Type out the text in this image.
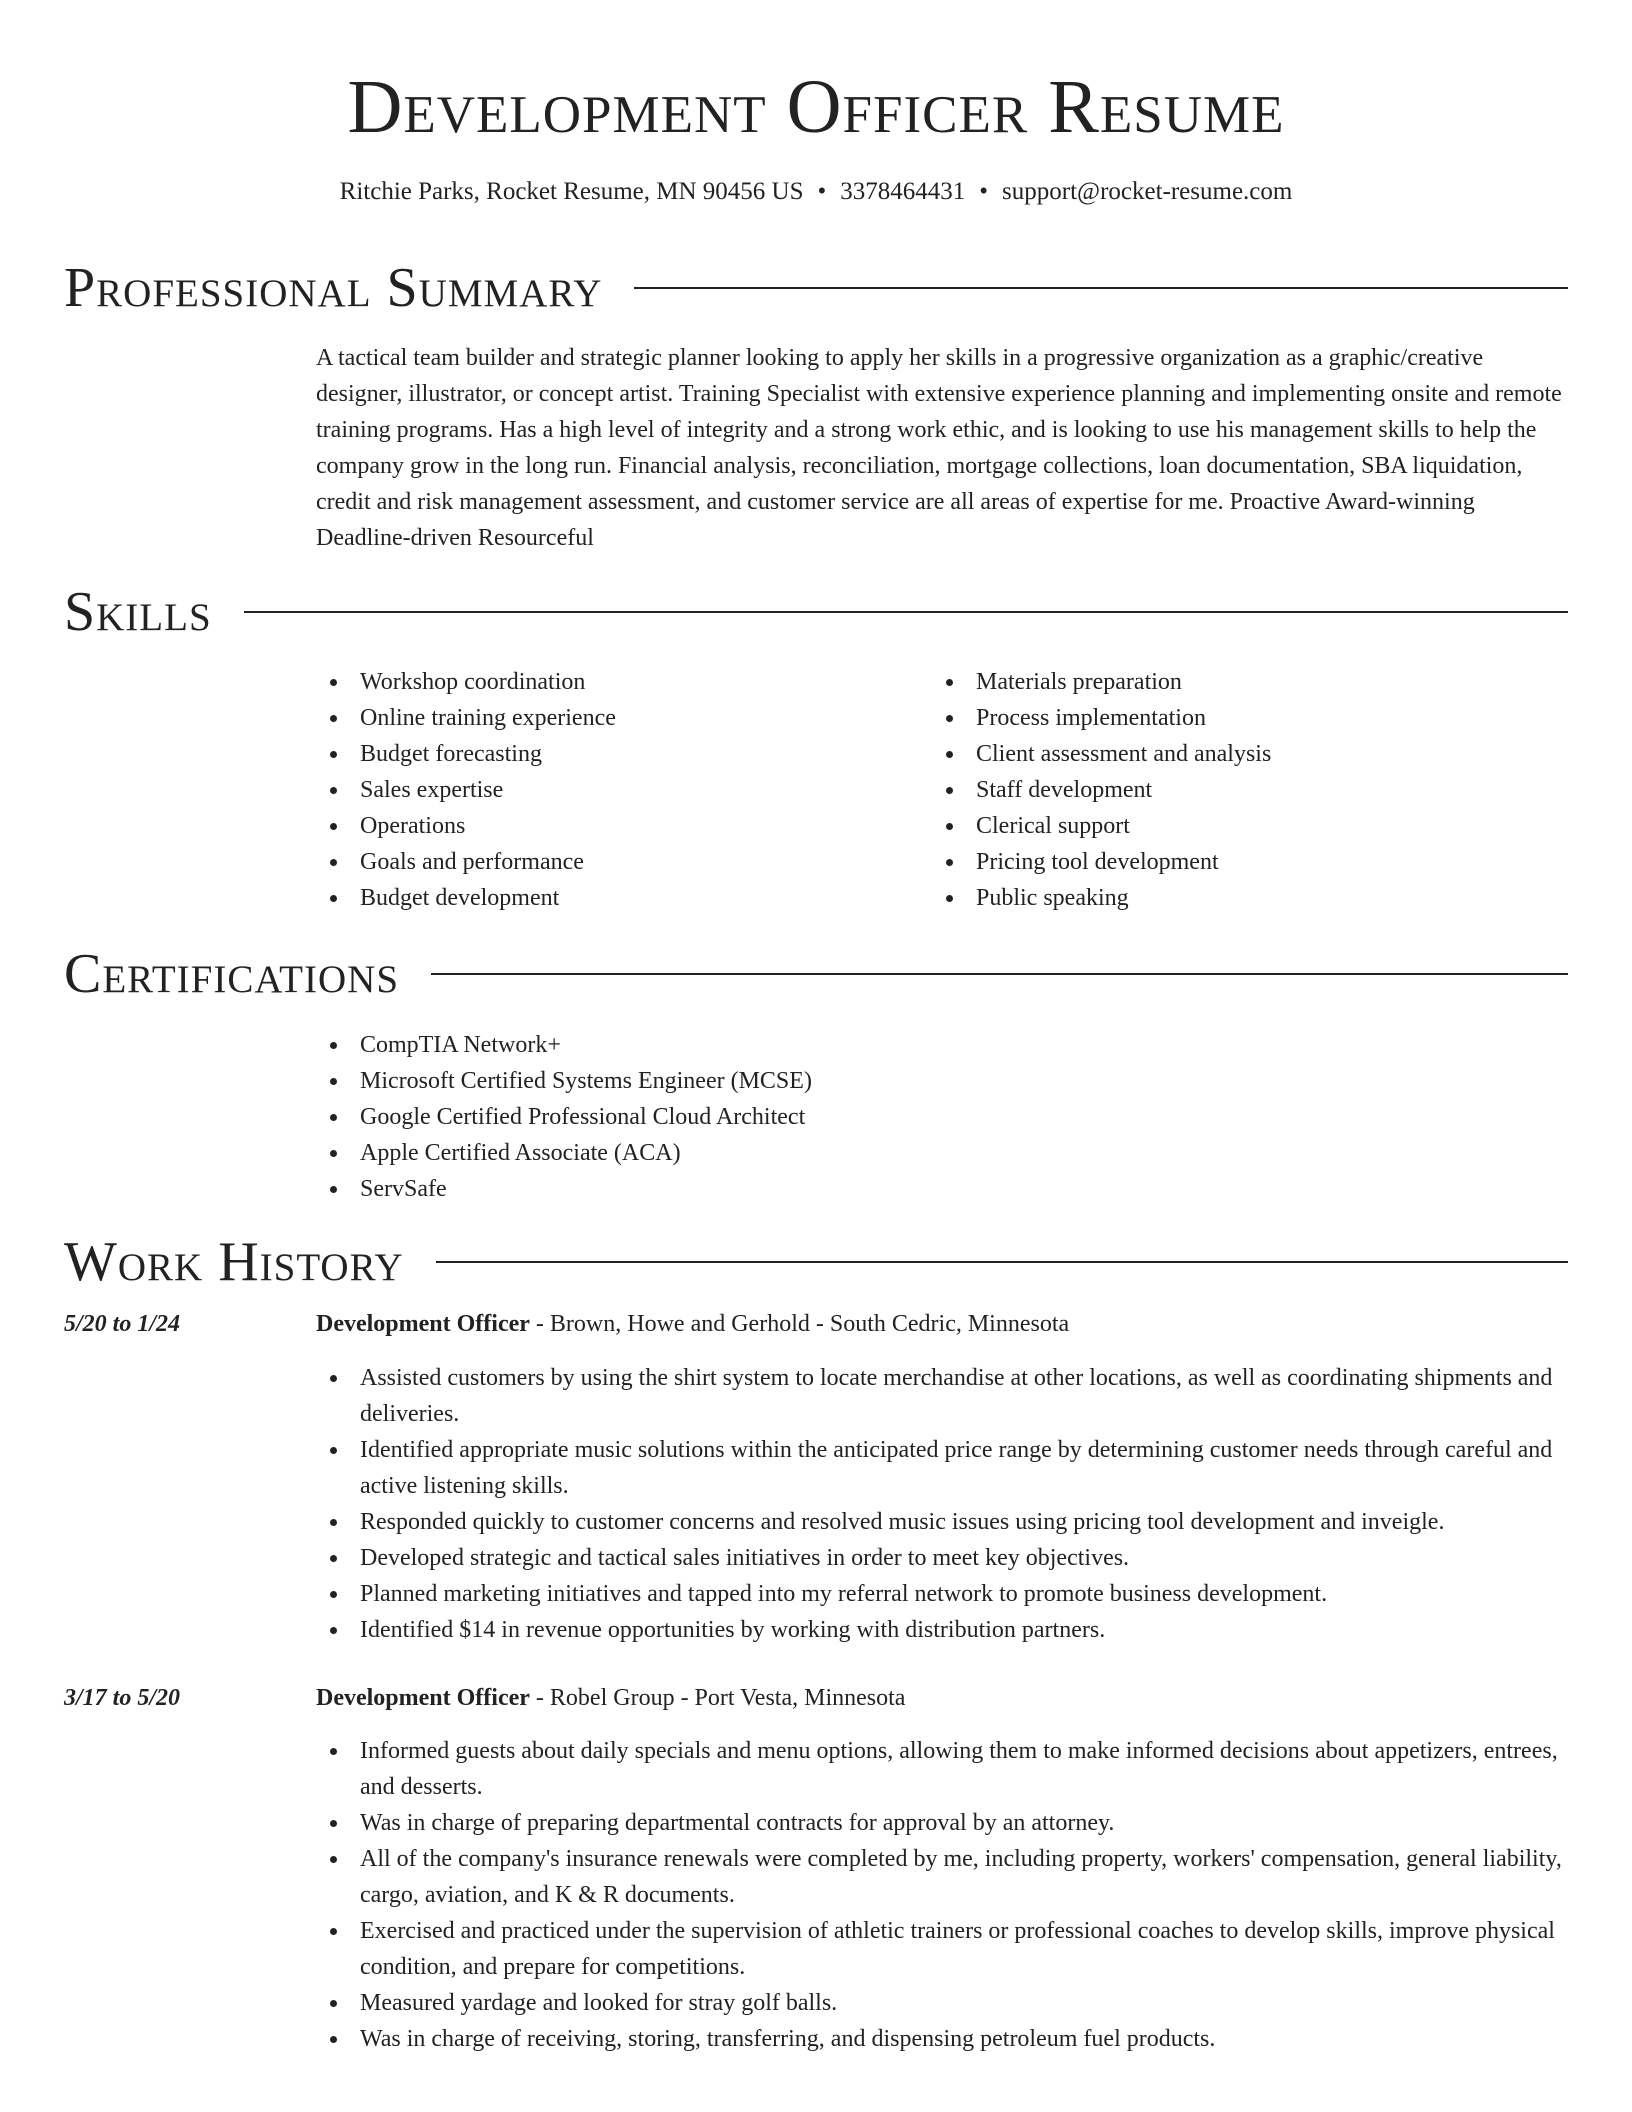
Development Officer Resume
Ritchie Parks, Rocket Resume, MN 90456 US • 3378464431 • support@rocket-resume.com
Professional Summary

A tactical team builder and strategic planner looking to apply her skills in a progressive organization as a graphic/creative designer, illustrator, or concept artist. Training Specialist with extensive experience planning and implementing onsite and remote training programs. Has a high level of integrity and a strong work ethic, and is looking to use his management skills to help the company grow in the long run. Financial analysis, reconciliation, mortgage collections, loan documentation, SBA liquidation, credit and risk management assessment, and customer service are all areas of expertise for me. Proactive Award-winning Deadline-driven Resourceful

Skills
Workshop coordination
Online training experience
Budget forecasting
Sales expertise
Operations
Goals and performance
Budget development
Materials preparation
Process implementation
Client assessment and analysis
Staff development
Clerical support
Pricing tool development
Public speaking
Certifications
CompTIA Network+
Microsoft Certified Systems Engineer (MCSE)
Google Certified Professional Cloud Architect
Apple Certified Associate (ACA)
ServSafe
Work History
5/20 to 1/24	Development Officer - Brown, Howe and Gerhold - South Cedric, Minnesota
Assisted customers by using the shirt system to locate merchandise at other locations, as well as coordinating shipments and deliveries.
Identified appropriate music solutions within the anticipated price range by determining customer needs through careful and active listening skills.
Responded quickly to customer concerns and resolved music issues using pricing tool development and inveigle.
Developed strategic and tactical sales initiatives in order to meet key objectives.
Planned marketing initiatives and tapped into my referral network to promote business development.
Identified $14 in revenue opportunities by working with distribution partners.
3/17 to 5/20	Development Officer - Robel Group - Port Vesta, Minnesota
Informed guests about daily specials and menu options, allowing them to make informed decisions about appetizers, entrees, and desserts.
Was in charge of preparing departmental contracts for approval by an attorney.
All of the company's insurance renewals were completed by me, including property, workers' compensation, general liability, cargo, aviation, and K & R documents.
Exercised and practiced under the supervision of athletic trainers or professional coaches to develop skills, improve physical condition, and prepare for competitions.
Measured yardage and looked for stray golf balls.
Was in charge of receiving, storing, transferring, and dispensing petroleum fuel products.
